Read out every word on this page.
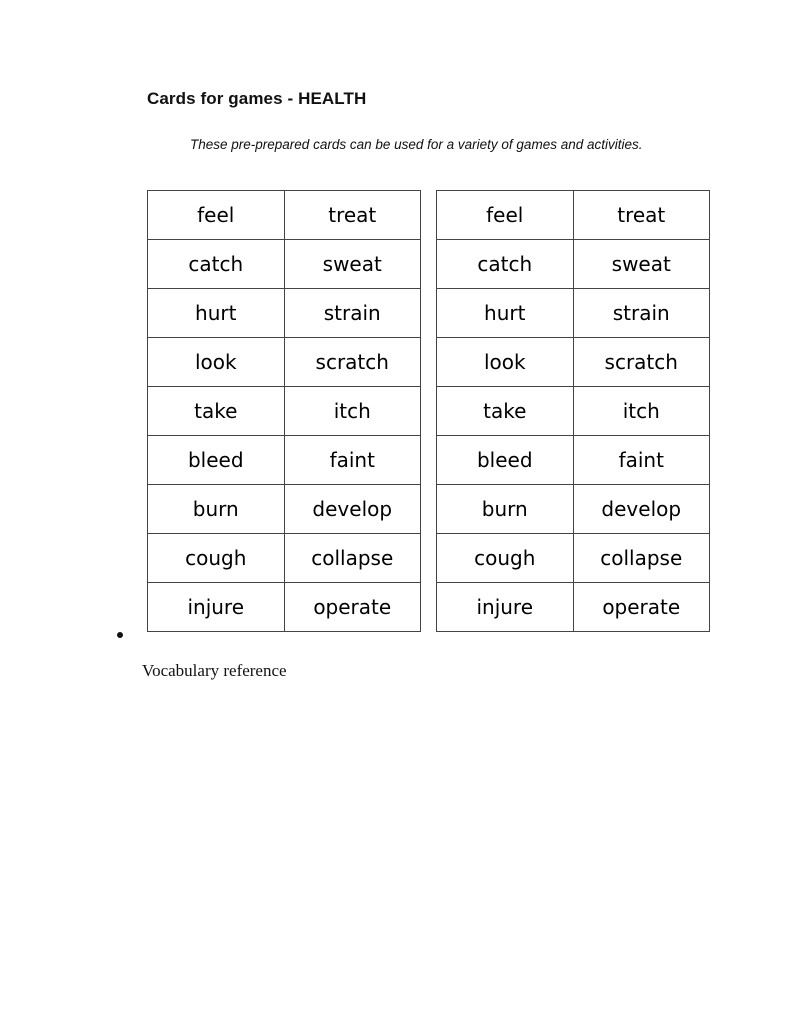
Cards for games - HEALTH

These pre-prepared cards can be used for a variety of games and activities.

feel	treat
catch	sweat
hurt	strain
look	scratch
take	itch
bleed	faint
burn	develop
cough	collapse
injure	operate
feel	treat
catch	sweat
hurt	strain
look	scratch
take	itch
bleed	faint
burn	develop
cough	collapse
injure	operate

Vocabulary reference
